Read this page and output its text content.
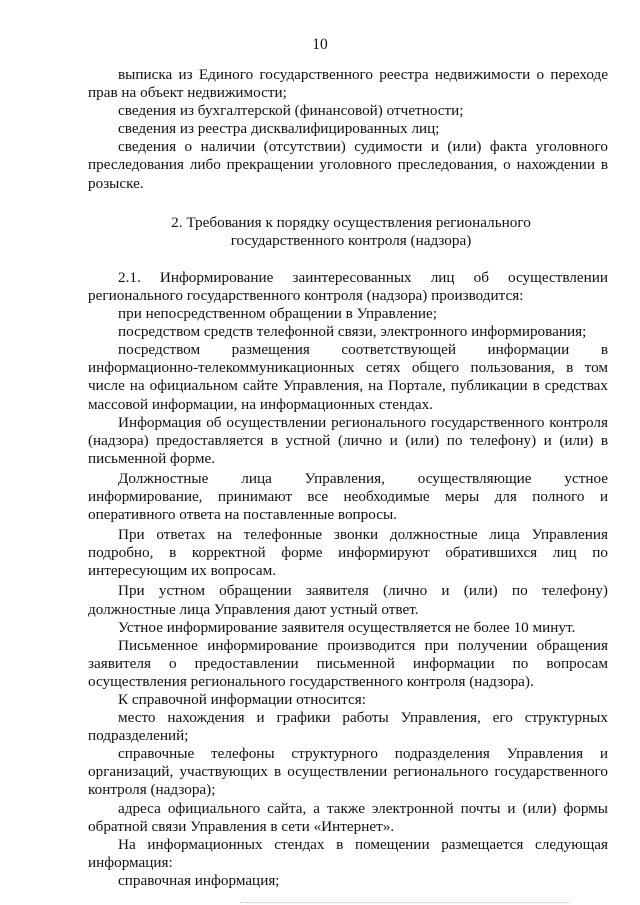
10

выписка из Единого государственного реестра недвижимости о переходе прав на объект недвижимости;

сведения из бухгалтерской (финансовой) отчетности;

сведения из реестра дисквалифицированных лиц;

сведения о наличии (отсутствии) судимости и (или) факта уголовного преследования либо прекращении уголовного преследования, о нахождении в розыске.

2. Требования к порядку осуществления регионального
государственного контроля (надзора)

2.1. Информирование заинтересованных лиц об осуществлении регионального государственного контроля (надзора) производится:

при непосредственном обращении в Управление;

посредством средств телефонной связи, электронного информирования;

посредством размещения соответствующей информации в информационно-телекоммуникационных сетях общего пользования, в том числе на официальном сайте Управления, на Портале, публикации в средствах массовой информации, на информационных стендах.

Информация об осуществлении регионального государственного контроля (надзора) предоставляется в устной (лично и (или) по телефону) и (или) в письменной форме.

Должностные лица Управления, осуществляющие устное информирование, принимают все необходимые меры для полного и оперативного ответа на поставленные вопросы.

При ответах на телефонные звонки должностные лица Управления подробно, в корректной форме информируют обратившихся лиц по интересующим их вопросам.

При устном обращении заявителя (лично и (или) по телефону) должностные лица Управления дают устный ответ.

Устное информирование заявителя осуществляется не более 10 минут.

Письменное информирование производится при получении обращения заявителя о предоставлении письменной информации по вопросам осуществления регионального государственного контроля (надзора).

К справочной информации относится:

место нахождения и графики работы Управления, его структурных подразделений;

справочные телефоны структурного подразделения Управления и организаций, участвующих в осуществлении регионального государственного контроля (надзора);

адреса официального сайта, а также электронной почты и (или) формы обратной связи Управления в сети «Интернет».

На информационных стендах в помещении размещается следующая информация:

справочная информация;
